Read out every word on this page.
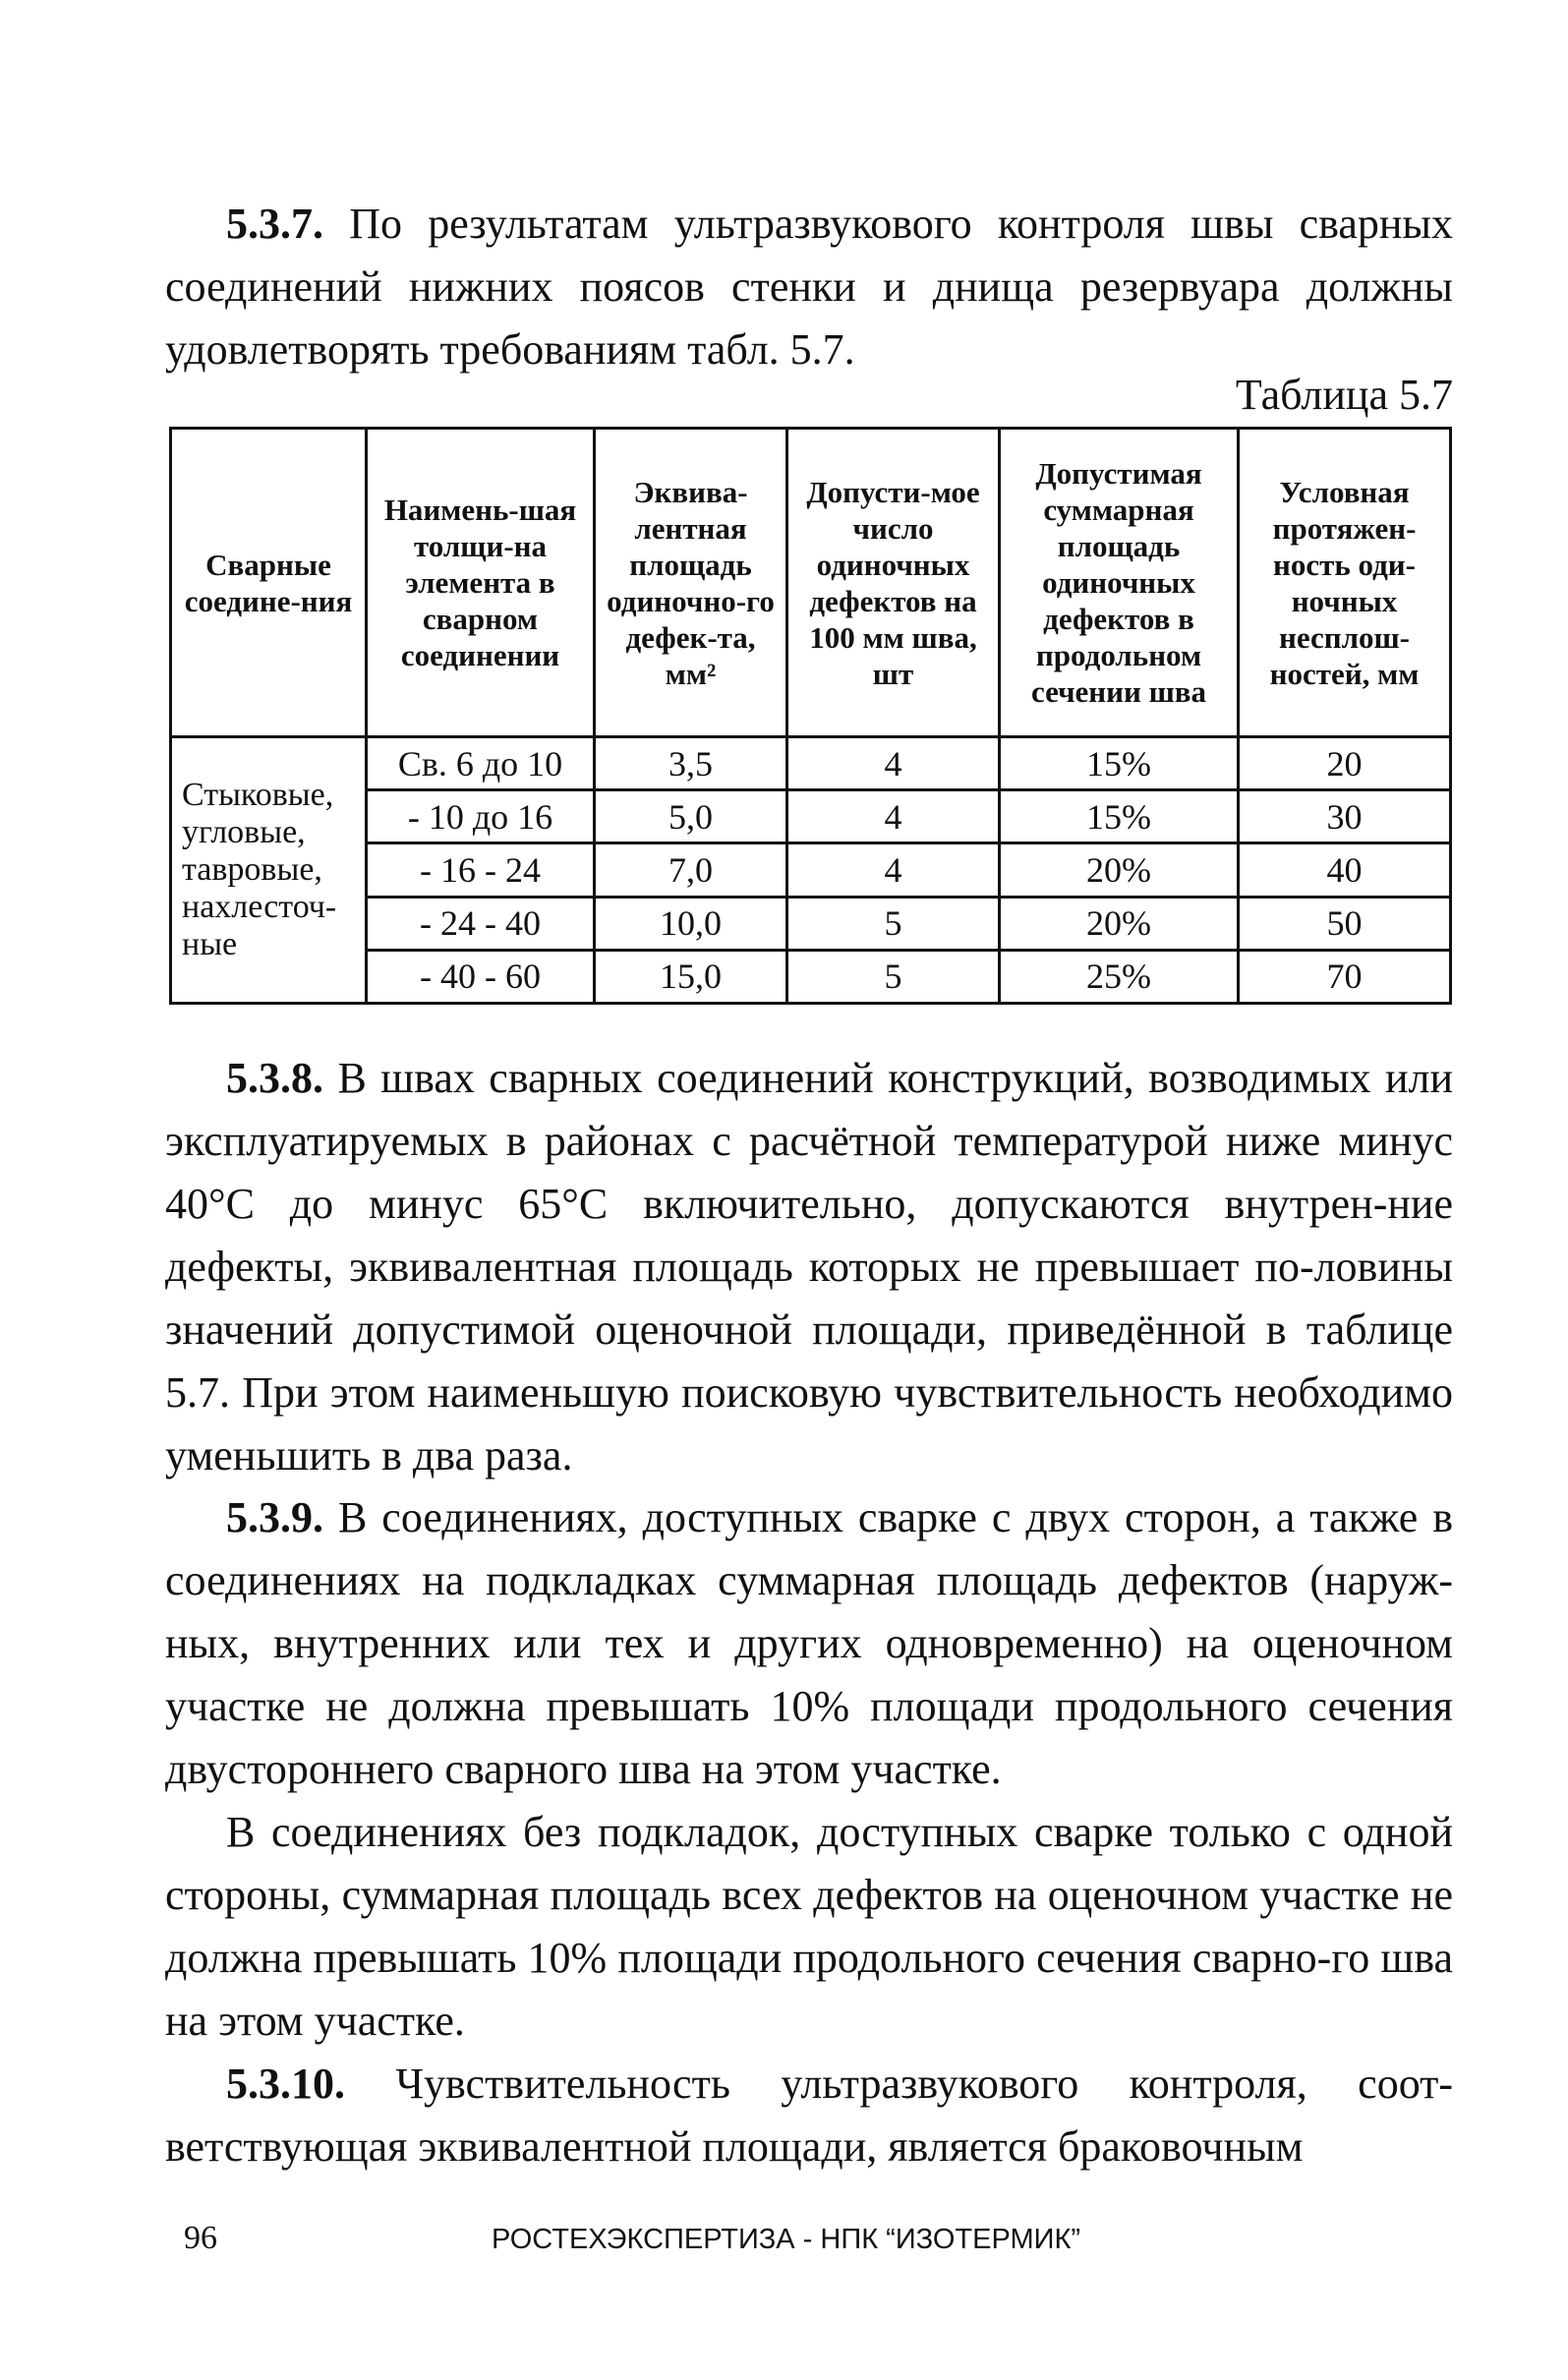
5.3.7. По результатам ультразвукового контроля швы сварных соединений нижних поясов стенки и днища резервуара должны удовлетворять требованиям табл. 5.7.

Таблица 5.7

Сварные соедине-ния	Наимень-шая толщи-на элемента в сварном соединении	Эквива-лентная площадь одиночно-го дефек-та, мм²	Допусти-мое число одиночных дефектов на 100 мм шва, шт	Допустимая суммарная площадь одиночных дефектов в продольном сечении шва	Условная протяжен-ность оди-ночных несплош-ностей, мм
Стыковые, угловые, тавровые, нахлесточ-ные	Св. 6 до 10	3,5	4	15%	20
	- 10 до 16	5,0	4	15%	30
	- 16 - 24	7,0	4	20%	40
	- 24 - 40	10,0	5	20%	50
	- 40 - 60	15,0	5	25%	70

5.3.8. В швах сварных соединений конструкций, возводимых или эксплуатируемых в районах с расчётной температурой ниже минус 40°С до минус 65°С включительно, допускаются внутрен-ние дефекты, эквивалентная площадь которых не превышает по-ловины значений допустимой оценочной площади, приведённой в таблице 5.7. При этом наименьшую поисковую чувствительность необходимо уменьшить в два раза.

5.3.9. В соединениях, доступных сварке с двух сторон, а также в соединениях на подкладках суммарная площадь дефектов (наруж-ных, внутренних или тех и других одновременно) на оценочном участке не должна превышать 10% площади продольного сечения двустороннего сварного шва на этом участке.

В соединениях без подкладок, доступных сварке только с одной стороны, суммарная площадь всех дефектов на оценочном участке не должна превышать 10% площади продольного сечения сварно-го шва на этом участке.

5.3.10. Чувствительность ультразвукового контроля, соот-ветствующая эквивалентной площади, является браковочным

96	РОСТЕХЭКСПЕРТИЗА - НПК “ИЗОТЕРМИК”
